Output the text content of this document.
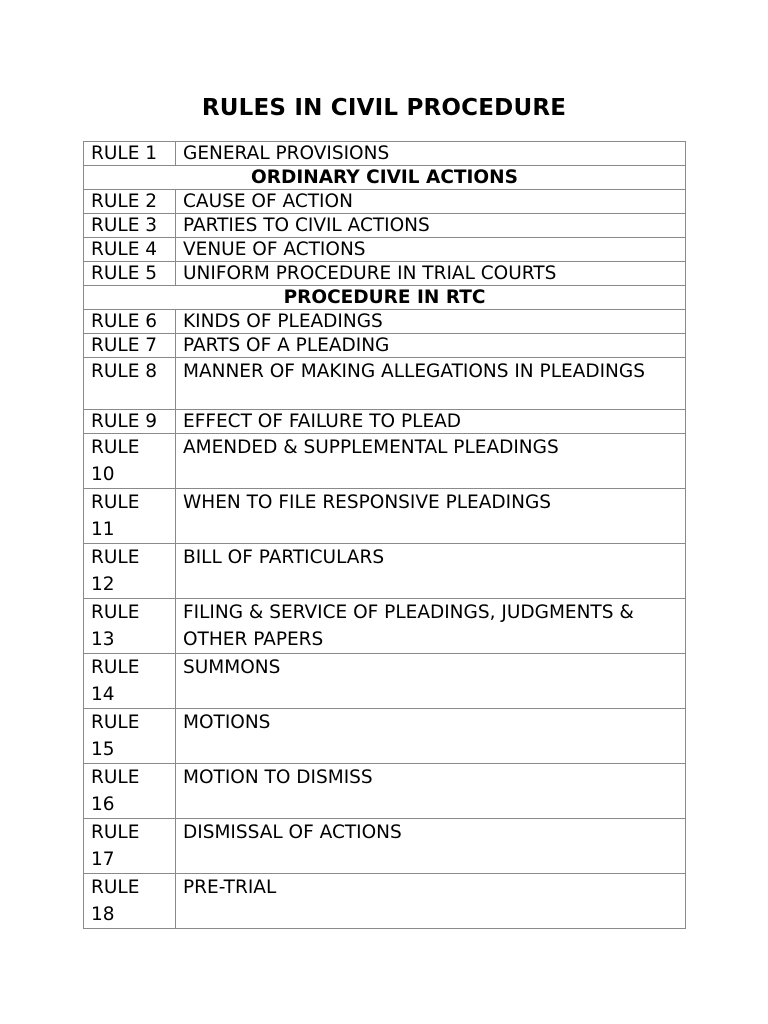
RULES IN CIVIL PROCEDURE
RULE 1	GENERAL PROVISIONS
ORDINARY CIVIL ACTIONS	
RULE 2	CAUSE OF ACTION
RULE 3	PARTIES TO CIVIL ACTIONS
RULE 4	VENUE OF ACTIONS
RULE 5	UNIFORM PROCEDURE IN TRIAL COURTS
PROCEDURE IN RTC	
RULE 6	KINDS OF PLEADINGS
RULE 7	PARTS OF A PLEADING
RULE 8	MANNER OF MAKING ALLEGATIONS IN PLEADINGS
RULE 9	EFFECT OF FAILURE TO PLEAD
RULE 10	AMENDED & SUPPLEMENTAL PLEADINGS
RULE 11	WHEN TO FILE RESPONSIVE PLEADINGS
RULE 12	BILL OF PARTICULARS
RULE 13	FILING & SERVICE OF PLEADINGS, JUDGMENTS & OTHER PAPERS
RULE 14	SUMMONS
RULE 15	MOTIONS
RULE 16	MOTION TO DISMISS
RULE 17	DISMISSAL OF ACTIONS
RULE 18	PRE-TRIAL
